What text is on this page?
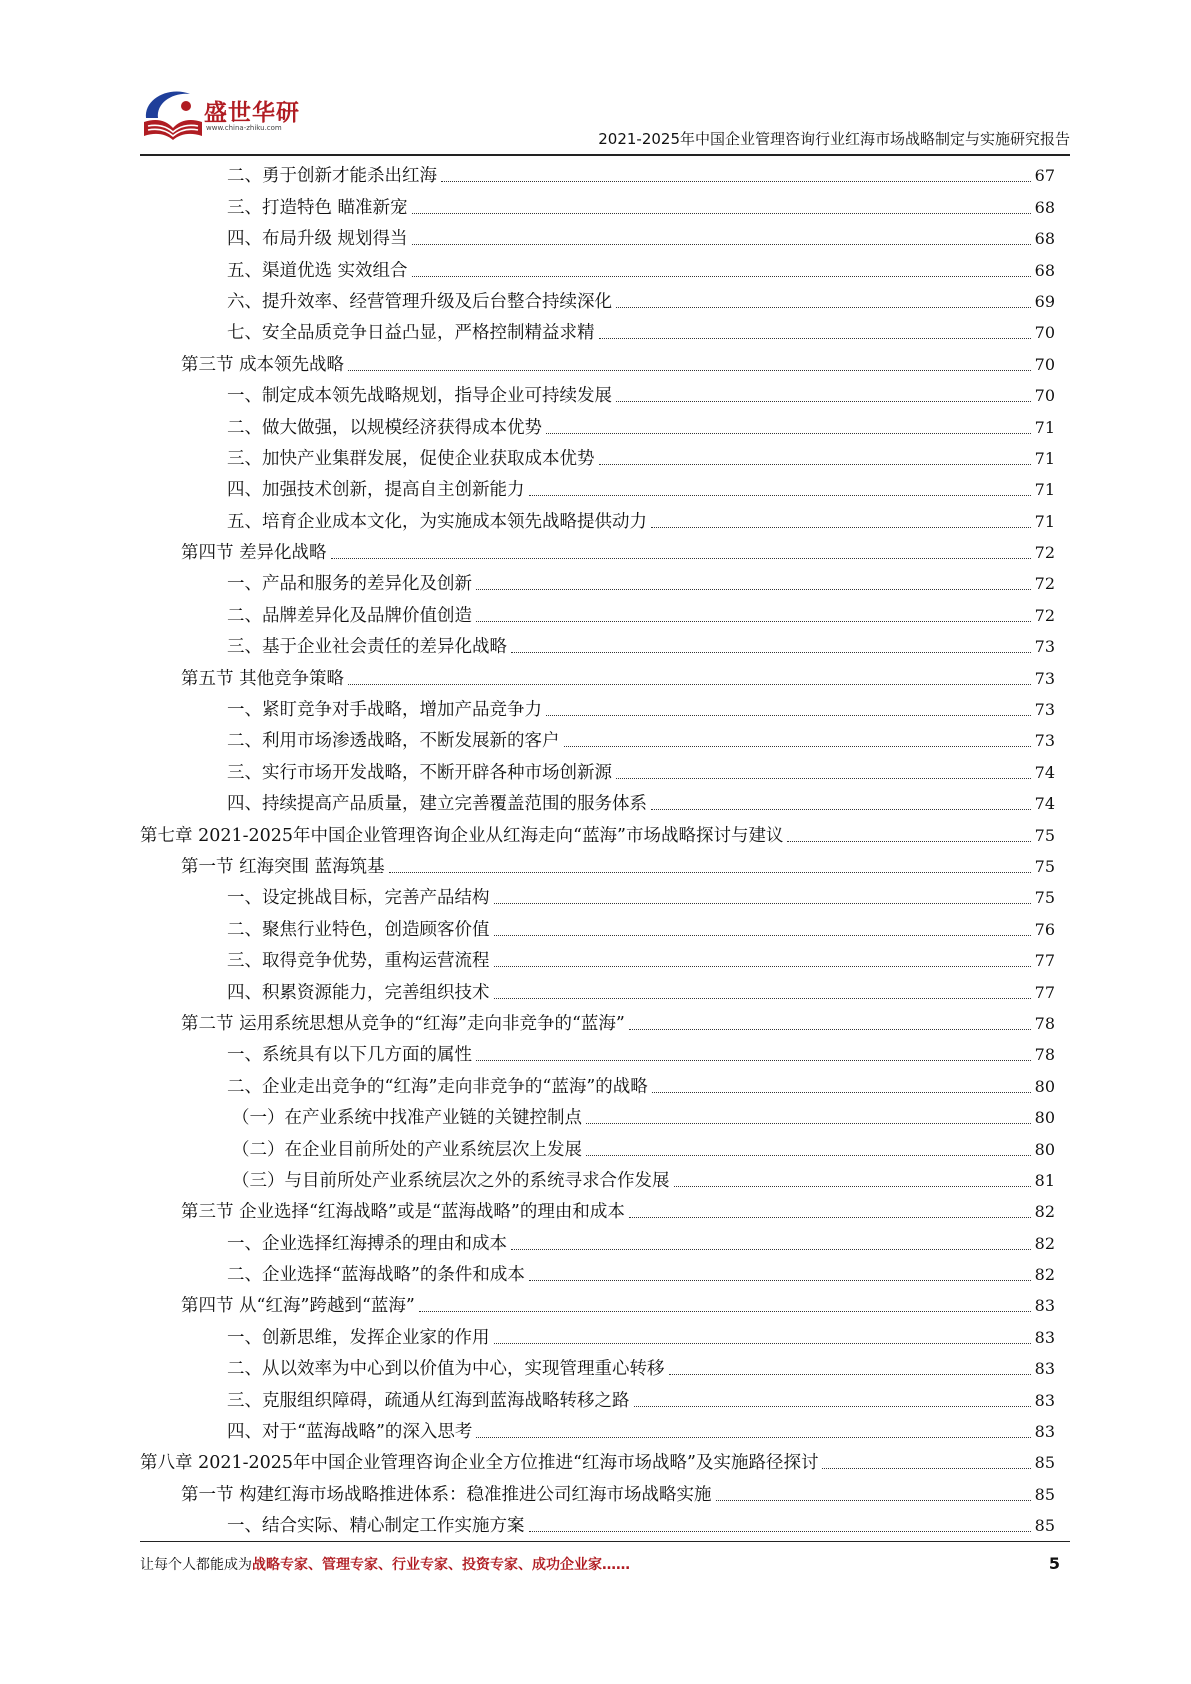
盛世华研
www.china-zhiku.com
2021-2025年中国企业管理咨询行业红海市场战略制定与实施研究报告
二、勇于创新才能杀出红海	67
三、打造特色 瞄准新宠	68
四、布局升级 规划得当	68
五、渠道优选 实效组合	68
六、提升效率、经营管理升级及后台整合持续深化	69
七、安全品质竞争日益凸显，严格控制精益求精	70
第三节 成本领先战略	70
一、制定成本领先战略规划，指导企业可持续发展	70
二、做大做强，以规模经济获得成本优势	71
三、加快产业集群发展，促使企业获取成本优势	71
四、加强技术创新，提高自主创新能力	71
五、培育企业成本文化，为实施成本领先战略提供动力	71
第四节 差异化战略	72
一、产品和服务的差异化及创新	72
二、品牌差异化及品牌价值创造	72
三、基于企业社会责任的差异化战略	73
第五节 其他竞争策略	73
一、紧盯竞争对手战略，增加产品竞争力	73
二、利用市场渗透战略，不断发展新的客户	73
三、实行市场开发战略，不断开辟各种市场创新源	74
四、持续提高产品质量，建立完善覆盖范围的服务体系	74
第七章 2021-2025年中国企业管理咨询企业从红海走向“蓝海”市场战略探讨与建议	75
第一节 红海突围 蓝海筑基	75
一、设定挑战目标，完善产品结构	75
二、聚焦行业特色，创造顾客价值	76
三、取得竞争优势，重构运营流程	77
四、积累资源能力，完善组织技术	77
第二节 运用系统思想从竞争的“红海”走向非竞争的“蓝海”	78
一、系统具有以下几方面的属性	78
二、企业走出竞争的“红海”走向非竞争的“蓝海”的战略	80
（一）在产业系统中找准产业链的关键控制点	80
（二）在企业目前所处的产业系统层次上发展	80
（三）与目前所处产业系统层次之外的系统寻求合作发展	81
第三节 企业选择“红海战略”或是“蓝海战略”的理由和成本	82
一、企业选择红海搏杀的理由和成本	82
二、企业选择“蓝海战略”的条件和成本	82
第四节 从“红海”跨越到“蓝海”	83
一、创新思维，发挥企业家的作用	83
二、从以效率为中心到以价值为中心，实现管理重心转移	83
三、克服组织障碍，疏通从红海到蓝海战略转移之路	83
四、对于“蓝海战略”的深入思考	83
第八章 2021-2025年中国企业管理咨询企业全方位推进“红海市场战略”及实施路径探讨	85
第一节 构建红海市场战略推进体系：稳准推进公司红海市场战略实施	85
一、结合实际、精心制定工作实施方案	85
让每个人都能成为战略专家、管理专家、行业专家、投资专家、成功企业家……	5
